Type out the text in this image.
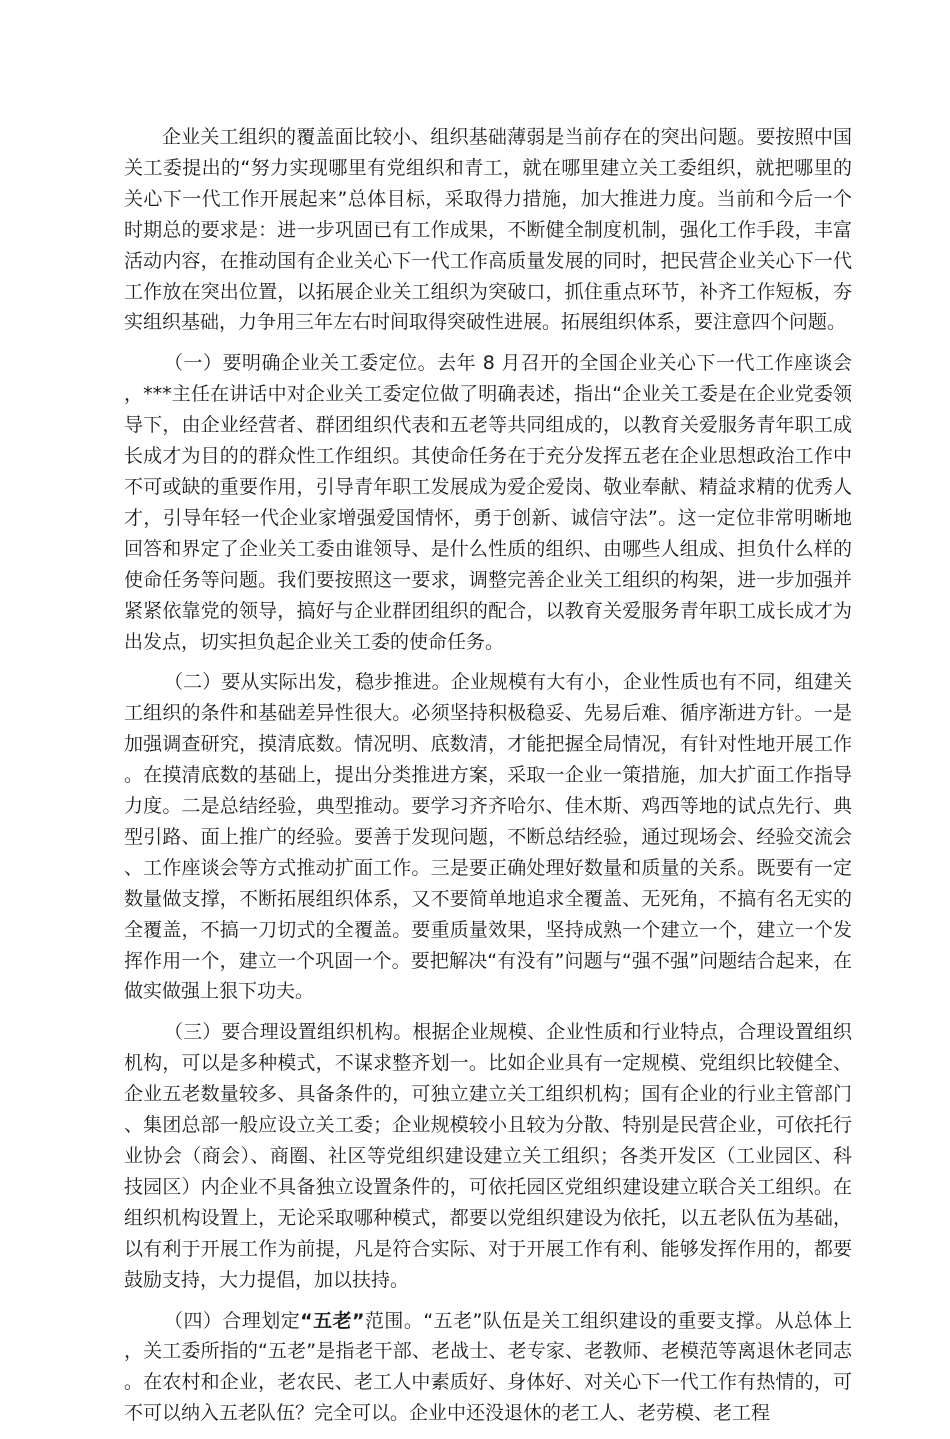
企业关工组织的覆盖面比较小、组织基础薄弱是当前存在的突出问题。要按照中国关工委提出的“努力实现哪里有党组织和青工，就在哪里建立关工委组织，就把哪里的关心下一代工作开展起来”总体目标，采取得力措施，加大推进力度。当前和今后一个时期总的要求是：进一步巩固已有工作成果，不断健全制度机制，强化工作手段，丰富活动内容，在推动国有企业关心下一代工作高质量发展的同时，把民营企业关心下一代工作放在突出位置，以拓展企业关工组织为突破口，抓住重点环节，补齐工作短板，夯实组织基础，力争用三年左右时间取得突破性进展。拓展组织体系，要注意四个问题。

（一）要明确企业关工委定位。去年 8 月召开的全国企业关心下一代工作座谈会，***主任在讲话中对企业关工委定位做了明确表述，指出“企业关工委是在企业党委领导下，由企业经营者、群团组织代表和五老等共同组成的，以教育关爱服务青年职工成长成才为目的的群众性工作组织。其使命任务在于充分发挥五老在企业思想政治工作中不可或缺的重要作用，引导青年职工发展成为爱企爱岗、敬业奉献、精益求精的优秀人才，引导年轻一代企业家增强爱国情怀，勇于创新、诚信守法”。这一定位非常明晰地回答和界定了企业关工委由谁领导、是什么性质的组织、由哪些人组成、担负什么样的使命任务等问题。我们要按照这一要求，调整完善企业关工组织的构架，进一步加强并紧紧依靠党的领导，搞好与企业群团组织的配合，以教育关爱服务青年职工成长成才为出发点，切实担负起企业关工委的使命任务。

（二）要从实际出发，稳步推进。企业规模有大有小，企业性质也有不同，组建关工组织的条件和基础差异性很大。必须坚持积极稳妥、先易后难、循序渐进方针。一是加强调查研究，摸清底数。情况明、底数清，才能把握全局情况，有针对性地开展工作。在摸清底数的基础上，提出分类推进方案，采取一企业一策措施，加大扩面工作指导力度。二是总结经验，典型推动。要学习齐齐哈尔、佳木斯、鸡西等地的试点先行、典型引路、面上推广的经验。要善于发现问题，不断总结经验，通过现场会、经验交流会、工作座谈会等方式推动扩面工作。三是要正确处理好数量和质量的关系。既要有一定数量做支撑，不断拓展组织体系，又不要简单地追求全覆盖、无死角，不搞有名无实的全覆盖，不搞一刀切式的全覆盖。要重质量效果，坚持成熟一个建立一个，建立一个发挥作用一个，建立一个巩固一个。要把解决“有没有”问题与“强不强”问题结合起来，在做实做强上狠下功夫。

（三）要合理设置组织机构。根据企业规模、企业性质和行业特点，合理设置组织机构，可以是多种模式，不谋求整齐划一。比如企业具有一定规模、党组织比较健全、企业五老数量较多、具备条件的，可独立建立关工组织机构；国有企业的行业主管部门、集团总部一般应设立关工委；企业规模较小且较为分散、特别是民营企业，可依托行业协会（商会）、商圈、社区等党组织建设建立关工组织；各类开发区（工业园区、科技园区）内企业不具备独立设置条件的，可依托园区党组织建设建立联合关工组织。在组织机构设置上，无论采取哪种模式，都要以党组织建设为依托，以五老队伍为基础，以有利于开展工作为前提，凡是符合实际、对于开展工作有利、能够发挥作用的，都要鼓励支持，大力提倡，加以扶持。

（四）合理划定“五老”范围。“五老”队伍是关工组织建设的重要支撑。从总体上，关工委所指的“五老”是指老干部、老战士、老专家、老教师、老模范等离退休老同志。在农村和企业，老农民、老工人中素质好、身体好、对关心下一代工作有热情的，可不可以纳入五老队伍？完全可以。企业中还没退休的老工人、老劳模、老工程
